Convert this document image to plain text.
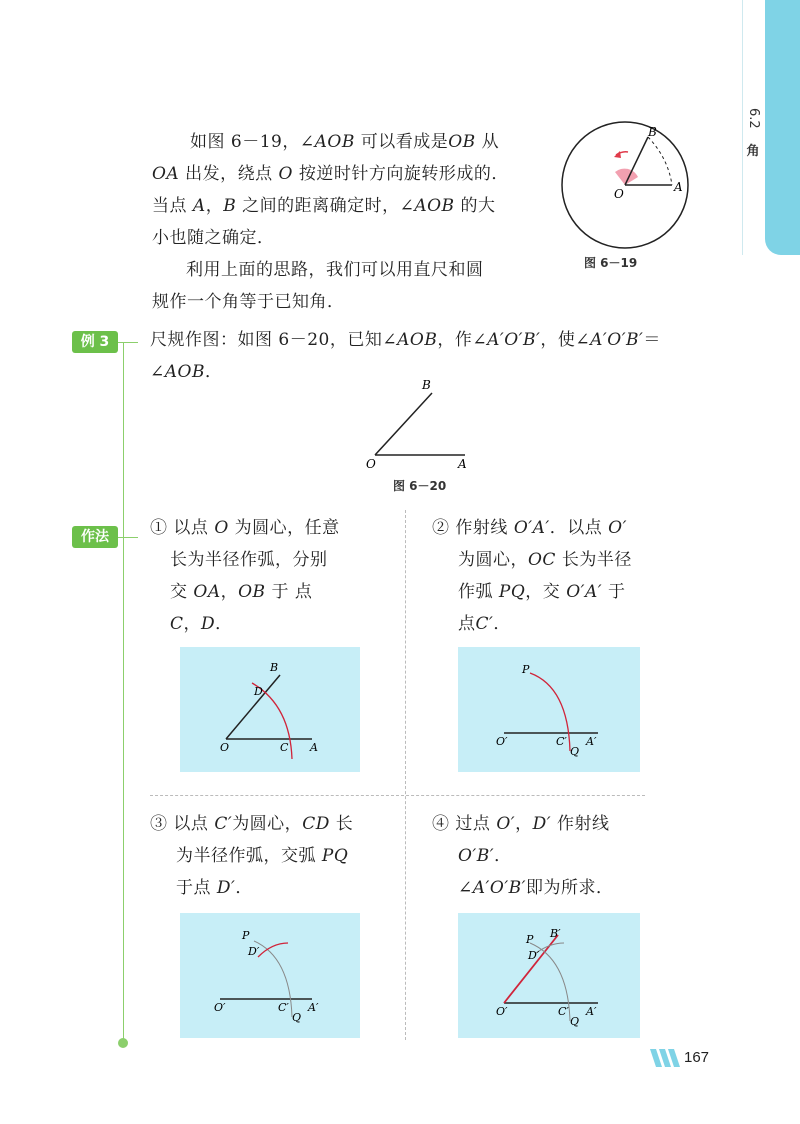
6.2
角

如图 6－19，∠AOB 可以看成是OB 从

OA 出发，绕点 O 按逆时针方向旋转形成的．

当点 A，B 之间的距离确定时，∠AOB 的大

小也随之确定．

利用上面的思路，我们可以用直尺和圆

规作一个角等于已知角．

B
O	A
图 6－19
例 3	尺规作图：如图 6－20，已知∠AOB，作∠A′O′B′，使∠A′O′B′＝

∠AOB．

B
O	A
图 6－20
作法	① 以点 O 为圆心，任意
长为半径作弧，分别
交 OA，OB 于 点
C，D．
B
D
O	C A
② 作射线 O′A′．以点 O′
为圆心，OC 长为半径
作弧 PQ，交 O′A′ 于
点C′．
P
O′	C′ A′
Q
③ 以点 C′为圆心，CD 长
为半径作弧，交弧 PQ
于点 D′．
P
D′
O′	C′ A′
Q
④ 过点 O′，D′ 作射线
O′B′．
∠A′O′B′即为所求．
P B′
D′
O′	C′ A′
Q
167
